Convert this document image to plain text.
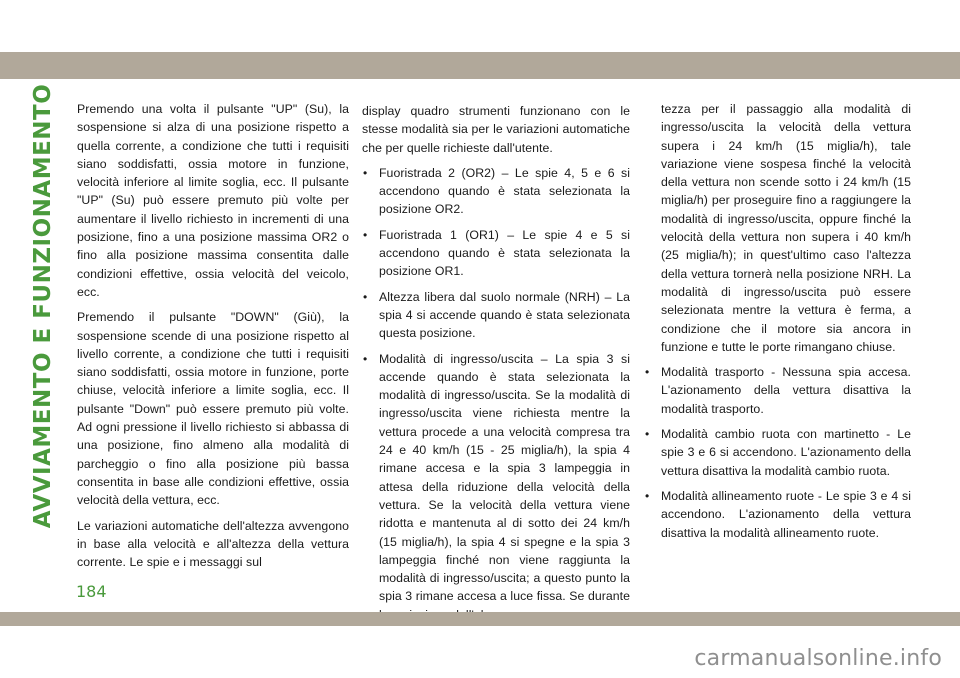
AVVIAMENTO E FUNZIONAMENTO Premendo una volta il pulsante "UP" (Su), la sospensione si alza di una posizione rispetto a quella corrente, a condizione che tutti i requisiti siano soddisfatti, ossia motore in funzione, velocità inferiore al limite soglia, ecc. Il pulsante "UP" (Su) può essere premuto più volte per aumentare il livello richiesto in incrementi di una posizione, fino a una posizione massima OR2 o fino alla posizione massima consentita dalle condizioni effettive, ossia velocità del veicolo, ecc.

Premendo il pulsante "DOWN" (Giù), la sospensione scende di una posizione rispetto al livello corrente, a condizione che tutti i requisiti siano soddisfatti, ossia motore in funzione, porte chiuse, velocità inferiore a limite soglia, ecc. Il pulsante "Down" può essere premuto più volte. Ad ogni pressione il livello richiesto si abbassa di una posizione, fino almeno alla modalità di parcheggio o fino alla posizione più bassa consentita in base alle condizioni effettive, ossia velocità della vettura, ecc.

Le variazioni automatiche dell'altezza avvengono in base alla velocità e all'altezza della vettura corrente. Le spie e i messaggi sul

display quadro strumenti funzionano con le stesse modalità sia per le variazioni automatiche che per quelle richieste dall'utente.

• Fuoristrada 2 (OR2) – Le spie 4, 5 e 6 si accendono quando è stata selezionata la posizione OR2.
• Fuoristrada 1 (OR1) – Le spie 4 e 5 si accendono quando è stata selezionata la posizione OR1.
• Altezza libera dal suolo normale (NRH) – La spia 4 si accende quando è stata selezionata questa posizione.
• Modalità di ingresso/uscita – La spia 3 si accende quando è stata selezionata la modalità di ingresso/uscita. Se la modalità di ingresso/uscita viene richiesta mentre la vettura procede a una velocità compresa tra 24 e 40 km/h (15 - 25 miglia/h), la spia 4 rimane accesa e la spia 3 lampeggia in attesa della riduzione della velocità della vettura. Se la velocità della vettura viene ridotta e mantenuta al di sotto dei 24 km/h (15 miglia/h), la spia 4 si spegne e la spia 3 lampeggia finché non viene raggiunta la modalità di ingresso/uscita; a questo punto la spia 3 rimane accesa a luce fissa. Se durante

tezza per il passaggio alla modalità di ingresso/uscita la velocità della vettura supera i 24 km/h (15 miglia/h), tale variazione viene sospesa finché la velocità della vettura non scende sotto i 24 km/h (15 miglia/h) per proseguire fino a raggiungere la modalità di ingresso/uscita, oppure finché la velocità della vettura non supera i 40 km/h (25 miglia/h); in quest'ultimo caso l'altezza della vettura tornerà nella posizione NRH. La modalità di ingresso/uscita può essere selezionata mentre la vettura è ferma, a condizione che il motore sia ancora in funzione e tutte le porte rimangano chiuse.

• Modalità trasporto - Nessuna spia accesa. L'azionamento della vettura disattiva la modalità trasporto.
• Modalità cambio ruota con martinetto - Le spie 3 e 6 si accendono. L'azionamento della vettura disattiva la modalità cambio ruota.
• Modalità allineamento ruote - Le spie 3 e 4 si accendono. L'azionamento della vettura disattiva la modalità allineamento ruote.
184
carmanualsonline.info
